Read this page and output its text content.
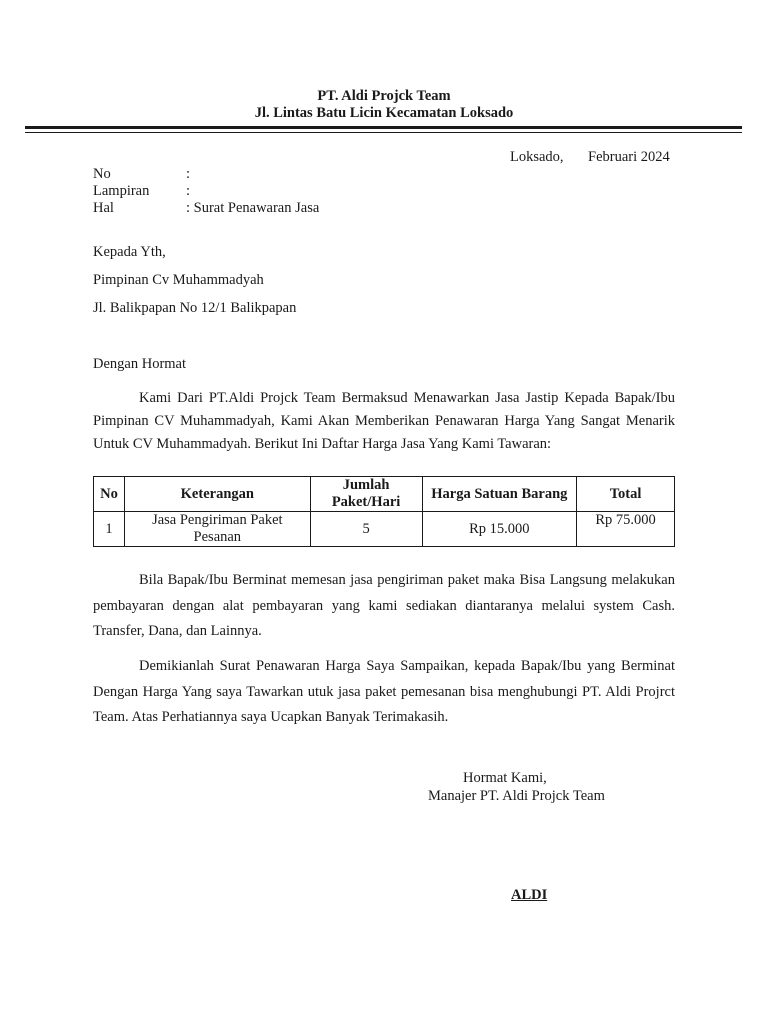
PT. Aldi Projck Team
Jl. Lintas Batu Licin Kecamatan Loksado
Loksado, Februari 2024
No	:
Lampiran	:
Hal	: Surat Penawaran Jasa
Kepada Yth,
Pimpinan Cv Muhammadyah
Jl. Balikpapan No 12/1 Balikpapan
Dengan Hormat
Kami Dari PT.Aldi Projck Team Bermaksud Menawarkan Jasa Jastip Kepada Bapak/Ibu Pimpinan CV Muhammadyah, Kami Akan Memberikan Penawaran Harga Yang Sangat Menarik Untuk CV Muhammadyah. Berikut Ini Daftar Harga Jasa Yang Kami Tawaran:
No	Keterangan	Jumlah Paket/Hari	Harga Satuan Barang	Total
1	Jasa Pengiriman Paket Pesanan	5	Rp 15.000	Rp 75.000
Bila Bapak/Ibu Berminat memesan jasa pengiriman paket maka Bisa Langsung melakukan pembayaran dengan alat pembayaran yang kami sediakan diantaranya melalui system Cash. Transfer, Dana, dan Lainnya.
Demikianlah Surat Penawaran Harga Saya Sampaikan, kepada Bapak/Ibu yang Berminat Dengan Harga Yang saya Tawarkan utuk jasa paket pemesanan bisa menghubungi PT. Aldi Projrct Team. Atas Perhatiannya saya Ucapkan Banyak Terimakasih.
Hormat Kami,
Manajer PT. Aldi Projck Team
ALDI
